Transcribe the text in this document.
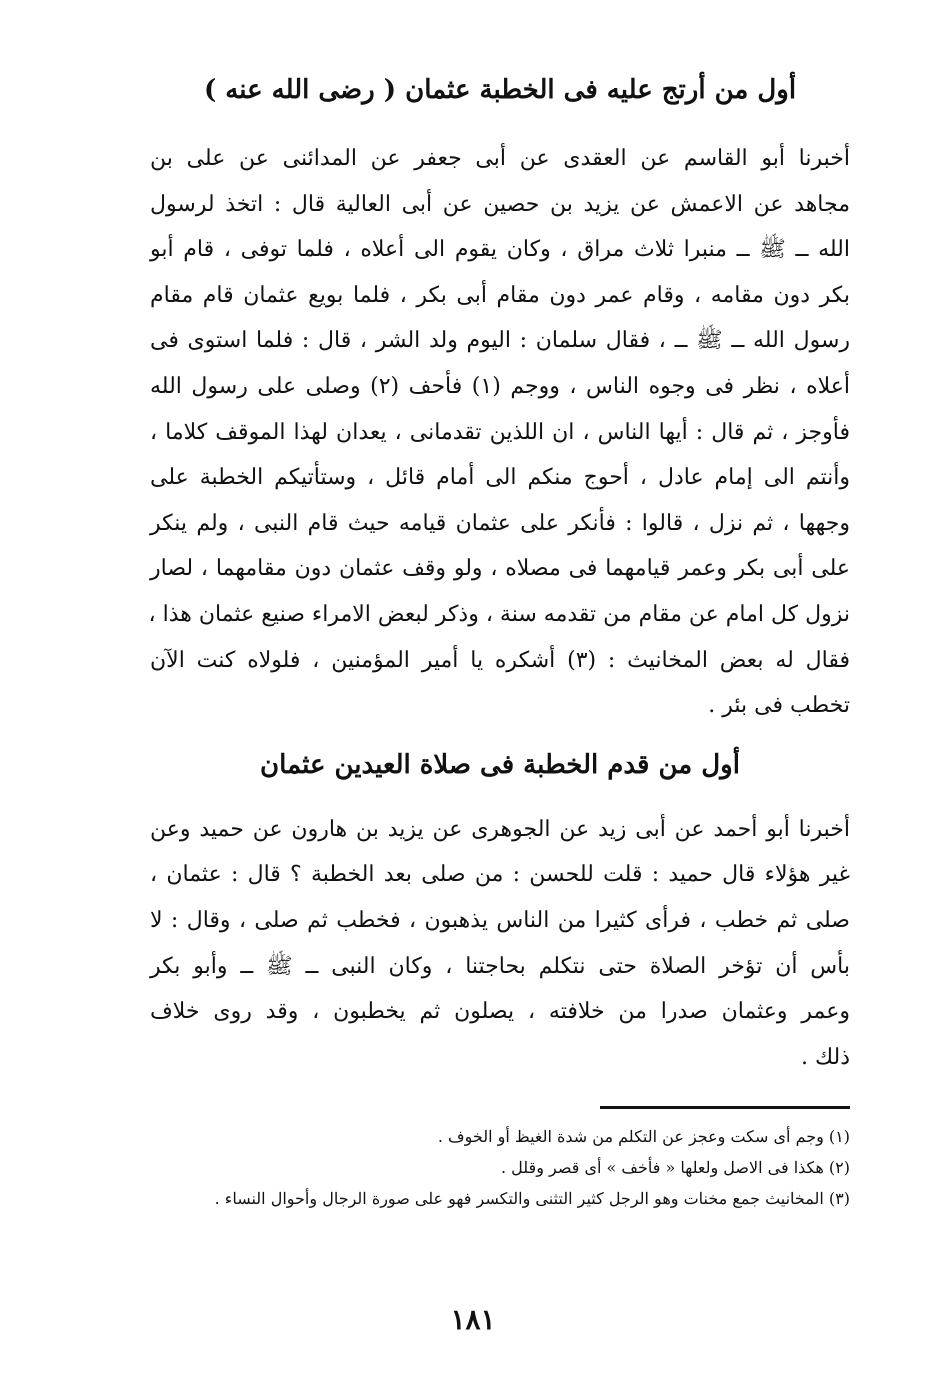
أول من أرتج عليه فى الخطبة عثمان ( رضى الله عنه )
أخبرنا أبو القاسم عن العقدى عن أبى جعفر عن المدائنى عن على بن
مجاهد عن الاعمش عن يزيد بن حصين عن أبى العالية قال : اتخذ لرسول
الله ــ ﷺ ــ منبرا ثلاث مراق ، وكان يقوم الى أعلاه ، فلما توفى ، قام أبو
بكر دون مقامه ، وقام عمر دون مقام أبى بكر ، فلما بويع عثمان قام مقام
رسول الله ــ ﷺ ــ ، فقال سلمان : اليوم ولد الشر ، قال : فلما استوى فى
أعلاه ، نظر فى وجوه الناس ، ووجم (١) فأحف (٢) وصلى على رسول الله
فأوجز ، ثم قال : أيها الناس ، ان اللذين تقدمانى ، يعدان لهذا الموقف كلاما ،
وأنتم الى إمام عادل ، أحوج منكم الى أمام قائل ، وستأتيكم الخطبة على
وجهها ، ثم نزل ، قالوا : فأنكر على عثمان قيامه حيث قام النبى ، ولم ينكر
على أبى بكر وعمر قيامهما فى مصلاه ، ولو وقف عثمان دون مقامهما ، لصار
نزول كل امام عن مقام من تقدمه سنة ، وذكر لبعض الامراء صنيع عثمان هذا ،
فقال له بعض المخانيث : (٣) أشكره يا أمير المؤمنين ، فلولاه كنت الآن
تخطب فى بئر .
أول من قدم الخطبة فى صلاة العيدين عثمان
أخبرنا أبو أحمد عن أبى زيد عن الجوهرى عن يزيد بن هارون عن حميد وعن
غير هؤلاء قال حميد : قلت للحسن : من صلى بعد الخطبة ؟ قال : عثمان ،
صلى ثم خطب ، فرأى كثيرا من الناس يذهبون ، فخطب ثم صلى ، وقال : لا
بأس أن تؤخر الصلاة حتى نتكلم بحاجتنا ، وكان النبى ــ ﷺ ــ وأبو بكر
وعمر وعثمان صدرا من خلافته ، يصلون ثم يخطبون ، وقد روى خلاف
ذلك .
(١) وجم أى سكت وعجز عن التكلم من شدة الغيظ أو الخوف .
(٢) هكذا فى الاصل ولعلها « فأخف » أى قصر وقلل .
(٣) المخانيث جمع مخنات وهو الرجل كثير التثنى والتكسر فهو على صورة الرجال وأحوال النساء .
١٨١
